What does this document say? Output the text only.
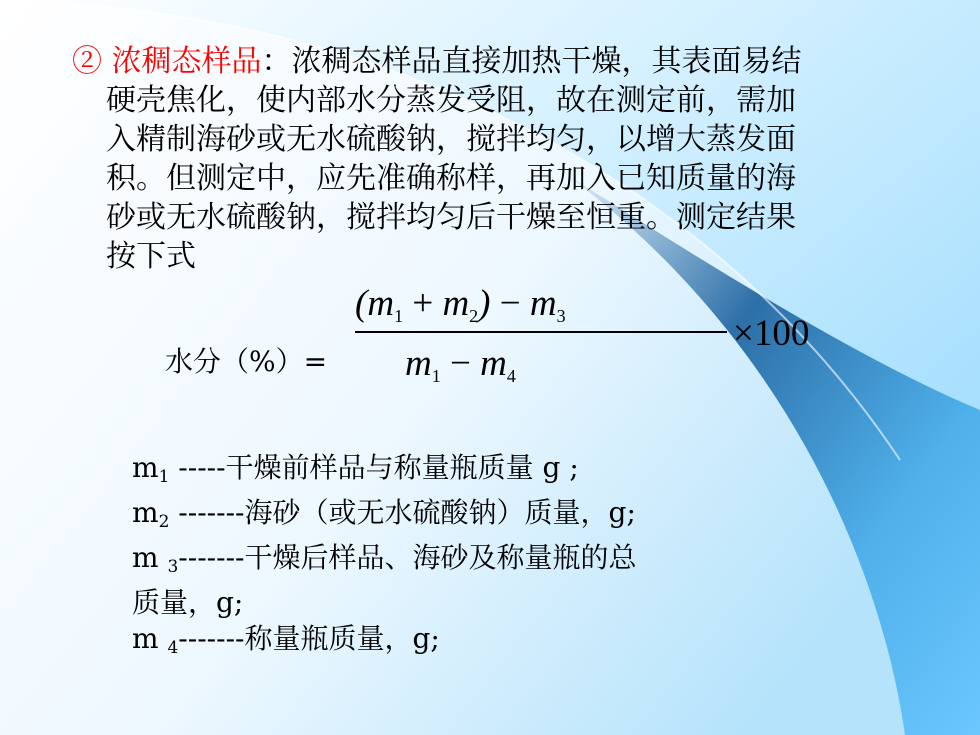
② 浓稠态样品：浓稠态样品直接加热干燥，其表面易结
硬壳焦化，使内部水分蒸发受阻，故在测定前，需加
入精制海砂或无水硫酸钠，搅拌均匀，以增大蒸发面
积。但测定中，应先准确称样，再加入已知质量的海
砂或无水硫酸钠，搅拌均匀后干燥至恒重。测定结果
按下式
水分（%）=
$(m_1 + m_2) - m_3$
$m_1 - m_4$
×100
$m_1$ -----干燥前样品与称量瓶质量 g ;
$m_2$ -------海砂（或无水硫酸钠）质量，g;
m $_3$-------干燥后样品、海砂及称量瓶的总
质量，g;
m $_4$-------称量瓶质量，g;
